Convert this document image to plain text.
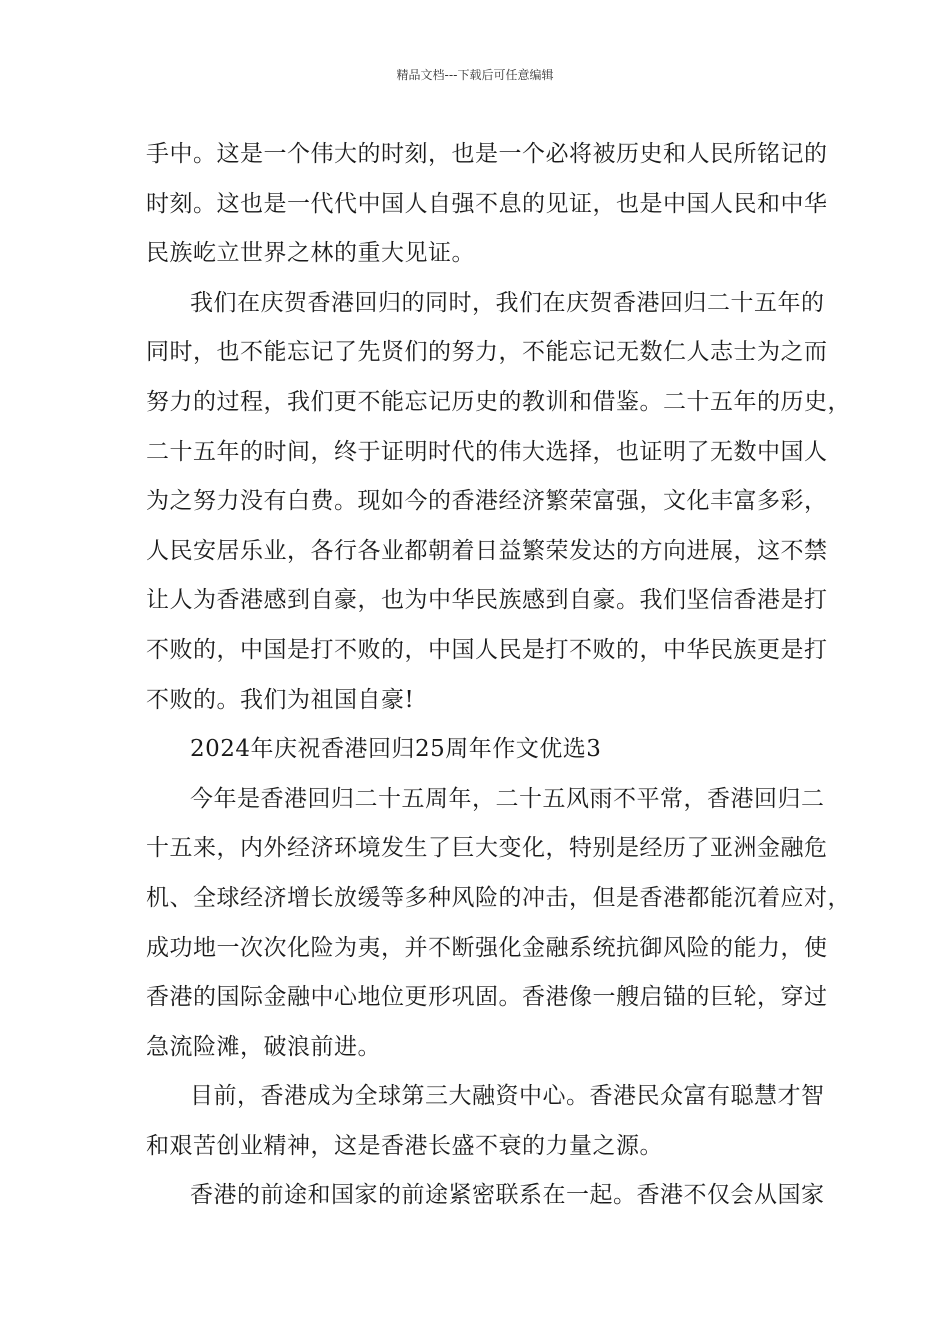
精品文档---下载后可任意编辑
手中。这是一个伟大的时刻，也是一个必将被历史和人民所铭记的
时刻。这也是一代代中国人自强不息的见证，也是中国人民和中华
民族屹立世界之林的重大见证。
我们在庆贺香港回归的同时，我们在庆贺香港回归二十五年的
同时，也不能忘记了先贤们的努力，不能忘记无数仁人志士为之而
努力的过程，我们更不能忘记历史的教训和借鉴。二十五年的历史，
二十五年的时间，终于证明时代的伟大选择，也证明了无数中国人
为之努力没有白费。现如今的香港经济繁荣富强，文化丰富多彩，
人民安居乐业，各行各业都朝着日益繁荣发达的方向进展，这不禁
让人为香港感到自豪，也为中华民族感到自豪。我们坚信香港是打
不败的，中国是打不败的，中国人民是打不败的，中华民族更是打
不败的。我们为祖国自豪!
2024年庆祝香港回归25周年作文优选3
今年是香港回归二十五周年，二十五风雨不平常，香港回归二
十五来，内外经济环境发生了巨大变化，特别是经历了亚洲金融危
机、全球经济增长放缓等多种风险的冲击，但是香港都能沉着应对，
成功地一次次化险为夷，并不断强化金融系统抗御风险的能力，使
香港的国际金融中心地位更形巩固。香港像一艘启锚的巨轮，穿过
急流险滩，破浪前进。
目前，香港成为全球第三大融资中心。香港民众富有聪慧才智
和艰苦创业精神，这是香港长盛不衰的力量之源。
香港的前途和国家的前途紧密联系在一起。香港不仅会从国家
